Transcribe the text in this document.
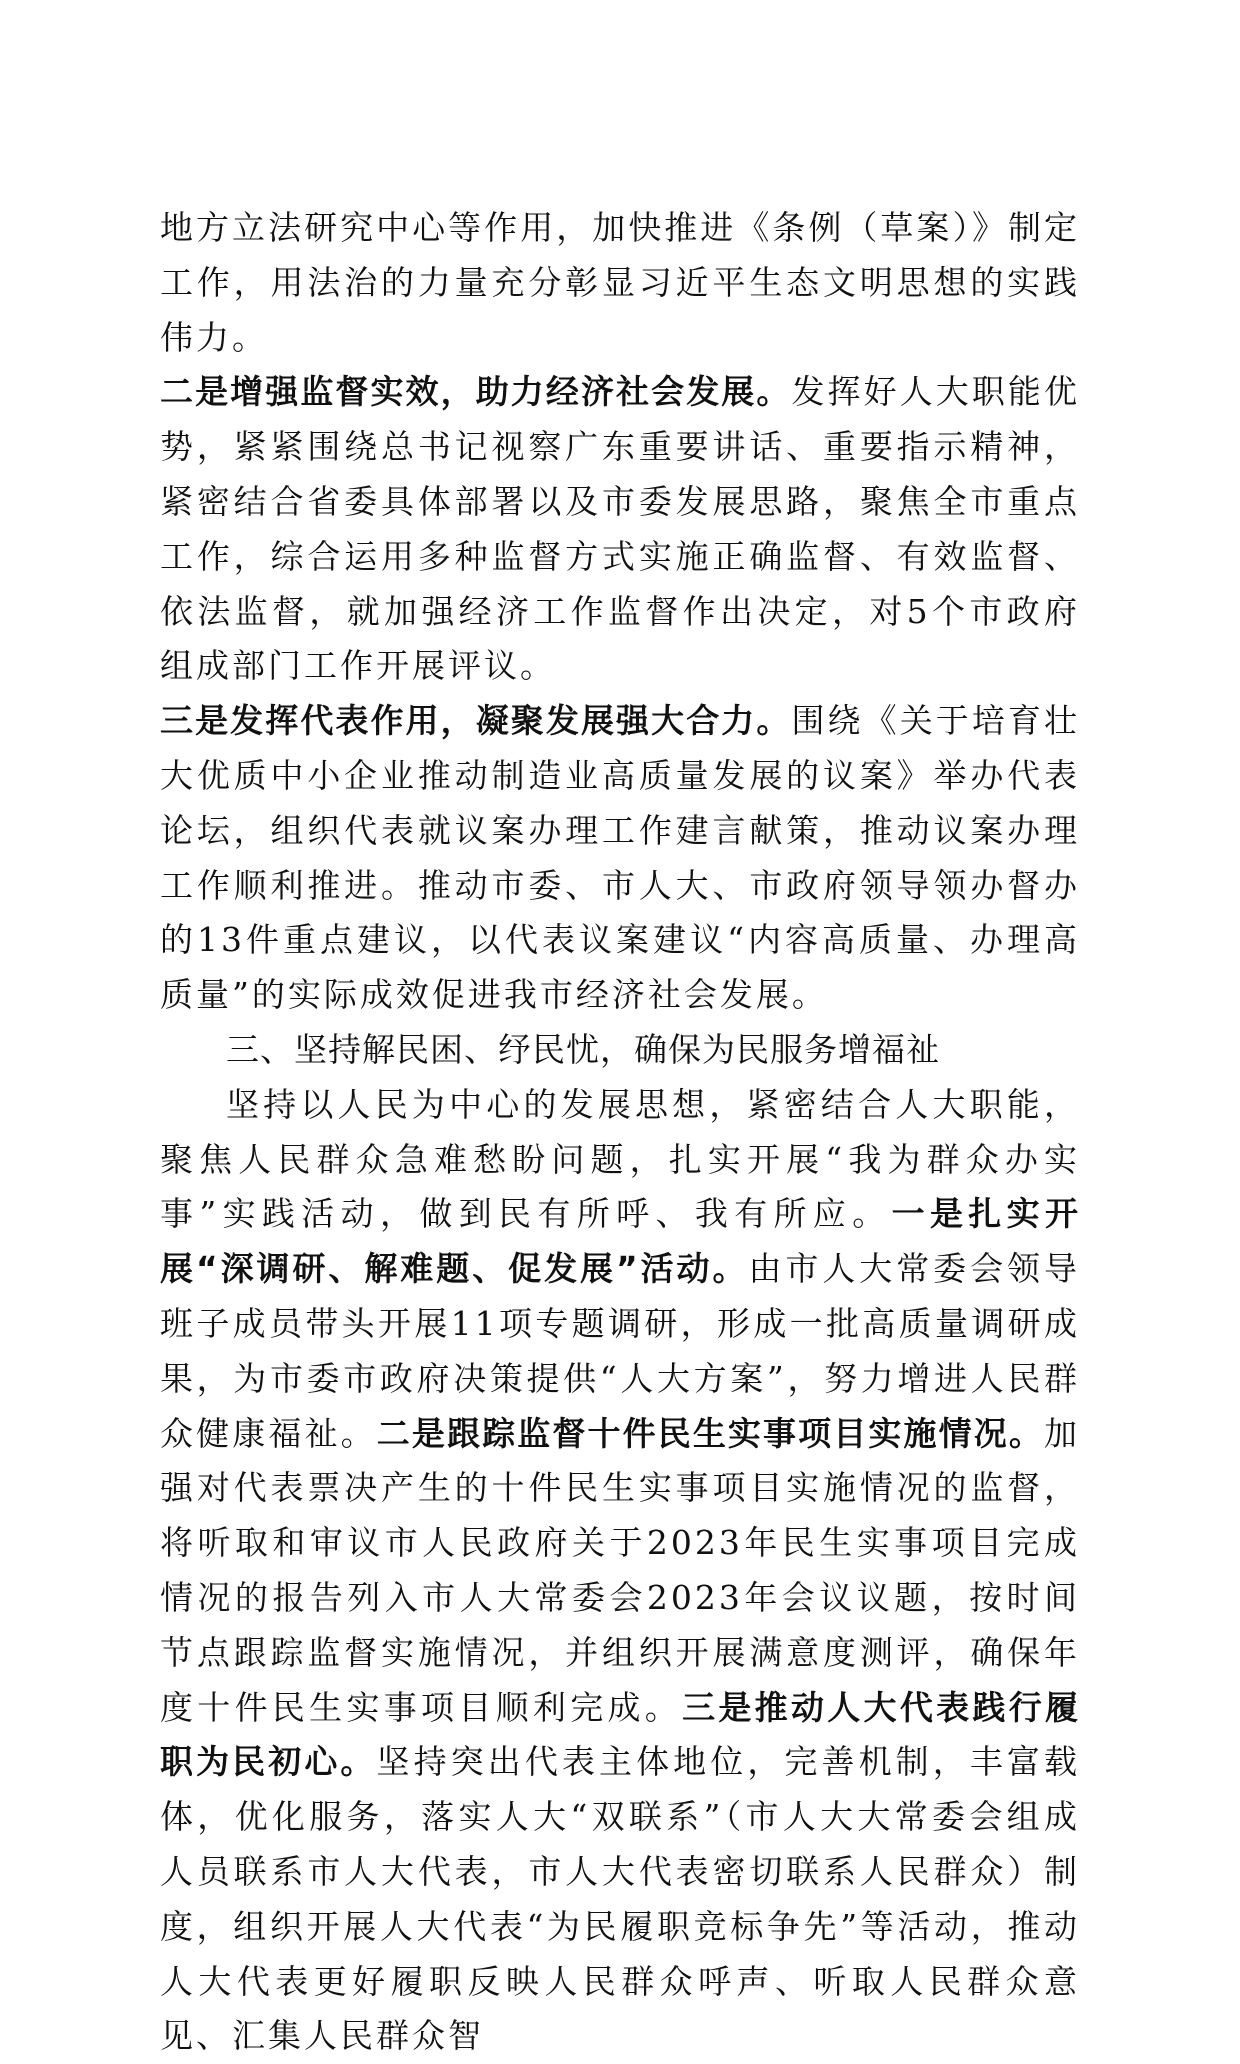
地方立法研究中心等作用，加快推进《条例（草案）》制定工作，用法治的力量充分彰显习近平生态文明思想的实践伟力。

二是增强监督实效，助力经济社会发展。发挥好人大职能优势，紧紧围绕总书记视察广东重要讲话、重要指示精神，紧密结合省委具体部署以及市委发展思路，聚焦全市重点工作，综合运用多种监督方式实施正确监督、有效监督、依法监督，就加强经济工作监督作出决定，对5个市政府组成部门工作开展评议。

三是发挥代表作用，凝聚发展强大合力。围绕《关于培育壮大优质中小企业推动制造业高质量发展的议案》举办代表论坛，组织代表就议案办理工作建言献策，推动议案办理工作顺利推进。推动市委、市人大、市政府领导领办督办的13件重点建议，以代表议案建议“内容高质量、办理高质量”的实际成效促进我市经济社会发展。

三、坚持解民困、纾民忧，确保为民服务增福祉

坚持以人民为中心的发展思想，紧密结合人大职能，聚焦人民群众急难愁盼问题，扎实开展“我为群众办实事”实践活动，做到民有所呼、我有所应。一是扎实开展“深调研、解难题、促发展”活动。由市人大常委会领导班子成员带头开展11项专题调研，形成一批高质量调研成果，为市委市政府决策提供“人大方案”，努力增进人民群众健康福祉。二是跟踪监督十件民生实事项目实施情况。加强对代表票决产生的十件民生实事项目实施情况的监督，将听取和审议市人民政府关于2023年民生实事项目完成情况的报告列入市人大常委会2023年会议议题，按时间节点跟踪监督实施情况，并组织开展满意度测评，确保年度十件民生实事项目顺利完成。三是推动人大代表践行履职为民初心。坚持突出代表主体地位，完善机制，丰富载体，优化服务，落实人大“双联系”（市人大大常委会组成人员联系市人大代表，市人大代表密切联系人民群众）制度，组织开展人大代表“为民履职竞标争先”等活动，推动人大代表更好履职反映人民群众呼声、听取人民群众意见、汇集人民群众智
